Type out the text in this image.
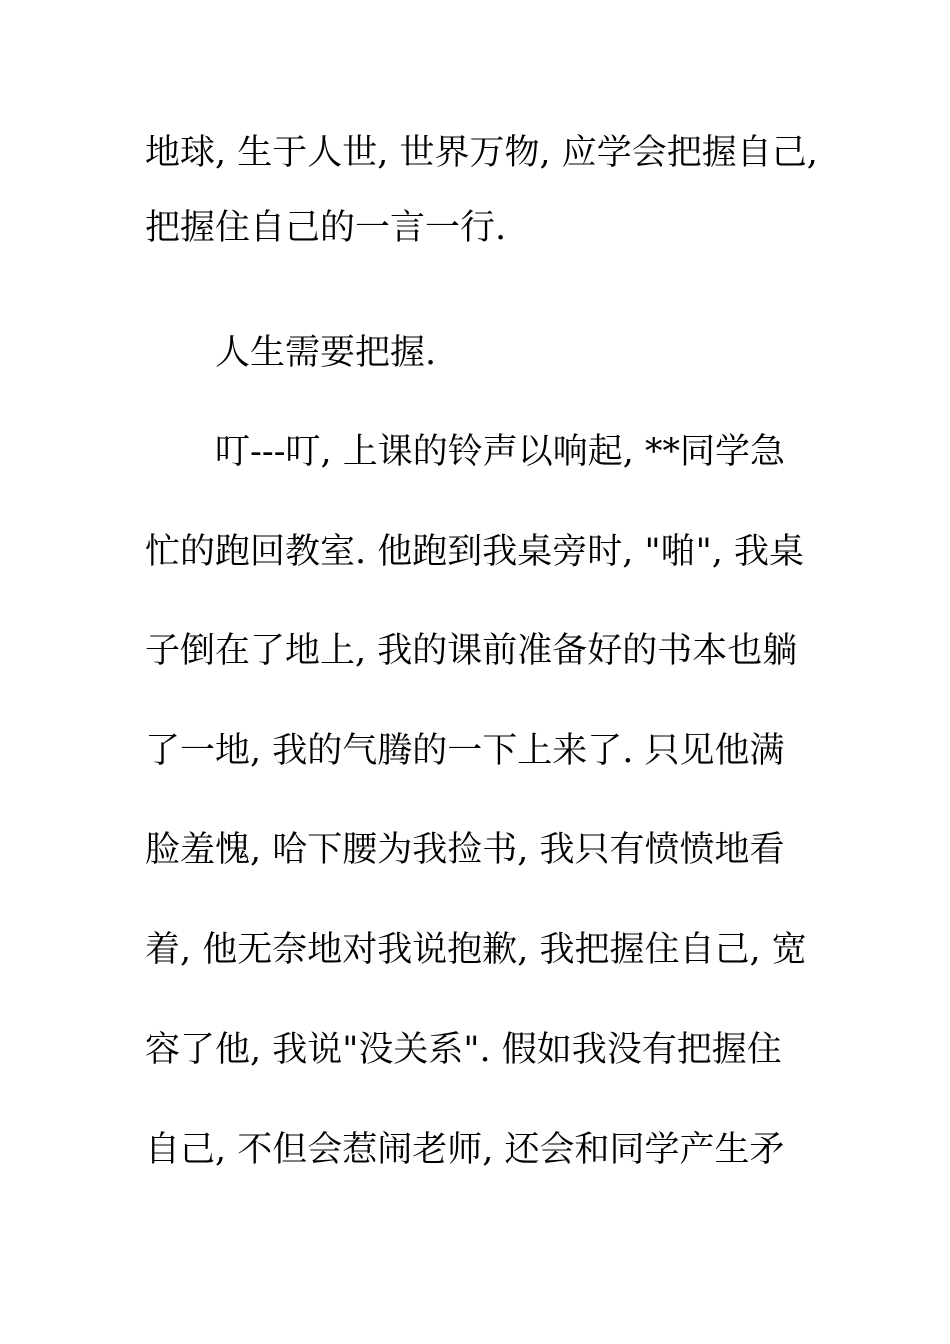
地球, 生于人世, 世界万物, 应学会把握自己,
把握住自己的一言一行.
人生需要把握.
叮---叮, 上课的铃声以响起, **同学急
忙的跑回教室. 他跑到我桌旁时, "啪", 我桌
子倒在了地上, 我的课前准备好的书本也躺
了一地, 我的气腾的一下上来了. 只见他满
脸羞愧, 哈下腰为我捡书, 我只有愤愤地看
着, 他无奈地对我说抱歉, 我把握住自己, 宽
容了他, 我说"没关系". 假如我没有把握住
自己, 不但会惹闹老师, 还会和同学产生矛
